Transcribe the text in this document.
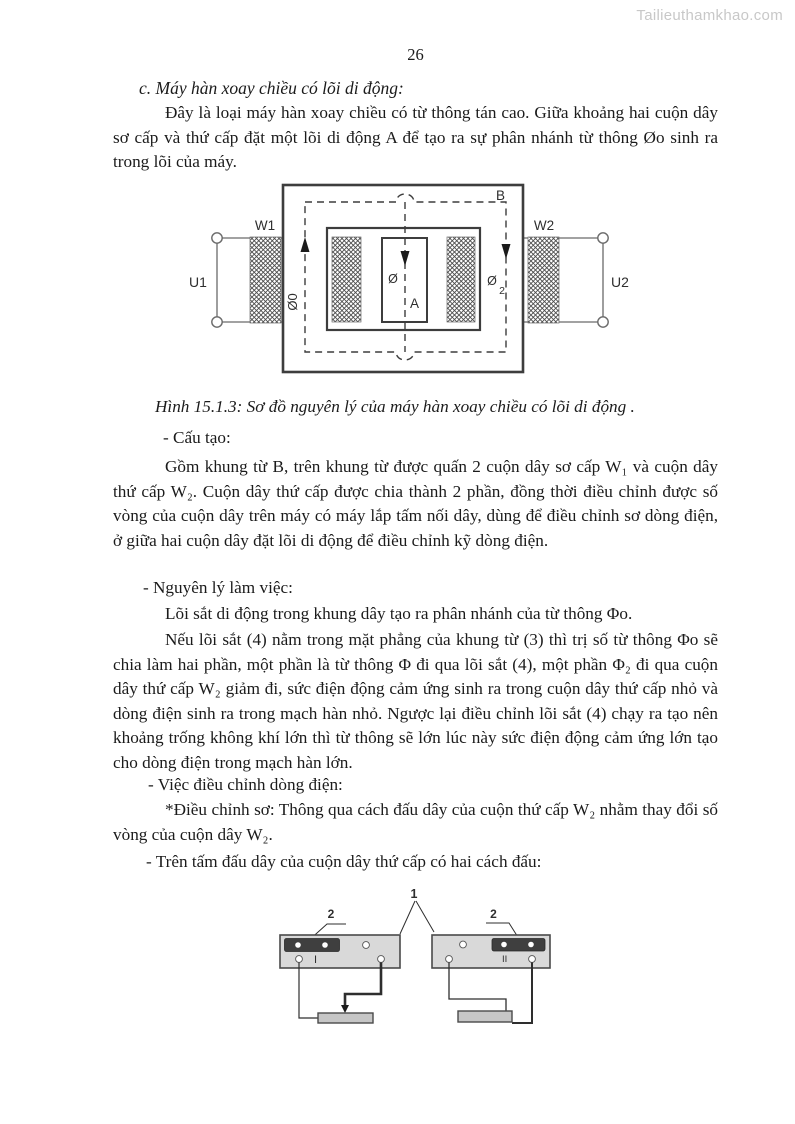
Tailieuthamkhao.com
26
c. Máy hàn xoay chiều có lõi di động:
Đây là loại máy hàn xoay chiều có từ thông tán cao. Giữa khoảng hai cuộn dây sơ cấp và thứ cấp đặt một lõi di động A để tạo ra sự phân nhánh từ thông Øo sinh ra trong lõi của máy.
B
W1	W2
U1	U2
Ø0
Ø
A
Ø
2
Hình 15.1.3: Sơ đồ nguyên lý của máy hàn xoay chiều có lõi di động .
- Cấu tạo:
Gồm khung từ B, trên khung từ được quấn 2 cuộn dây sơ cấp W₁ và cuộn dây thứ cấp W₂. Cuộn dây thứ cấp được chia thành 2 phần, đồng thời điều chỉnh được số vòng của cuộn dây trên máy có máy lắp tấm nối dây, dùng để điều chỉnh sơ dòng điện, ở giữa hai cuộn dây đặt lõi di động để điều chỉnh kỹ dòng điện.
- Nguyên lý làm việc:
Lõi sắt di động trong khung dây tạo ra phân nhánh của từ thông Φo.
Nếu lõi sắt (4) nằm trong mặt phẳng của khung từ (3) thì trị số từ thông Φo sẽ chia làm hai phần, một phần là từ thông Φ đi qua lõi sắt (4), một phần Φ₂ đi qua cuộn dây thứ cấp W₂ giảm đi, sức điện động cảm ứng sinh ra trong cuộn dây thứ cấp nhỏ và dòng điện sinh ra trong mạch hàn nhỏ. Ngược lại điều chỉnh lõi sắt (4) chạy ra tạo nên khoảng trống không khí lớn thì từ thông sẽ lớn lúc này sức điện động cảm ứng lớn tạo cho dòng điện trong mạch hàn lớn.
- Việc điều chỉnh dòng điện:
*Điều chỉnh sơ: Thông qua cách đấu dây của cuộn thứ cấp W₂ nhằm thay đổi số vòng của cuộn dây W₂.
- Trên tấm đấu dây của cuộn dây thứ cấp có hai cách đấu:
1
2	2
I	II
